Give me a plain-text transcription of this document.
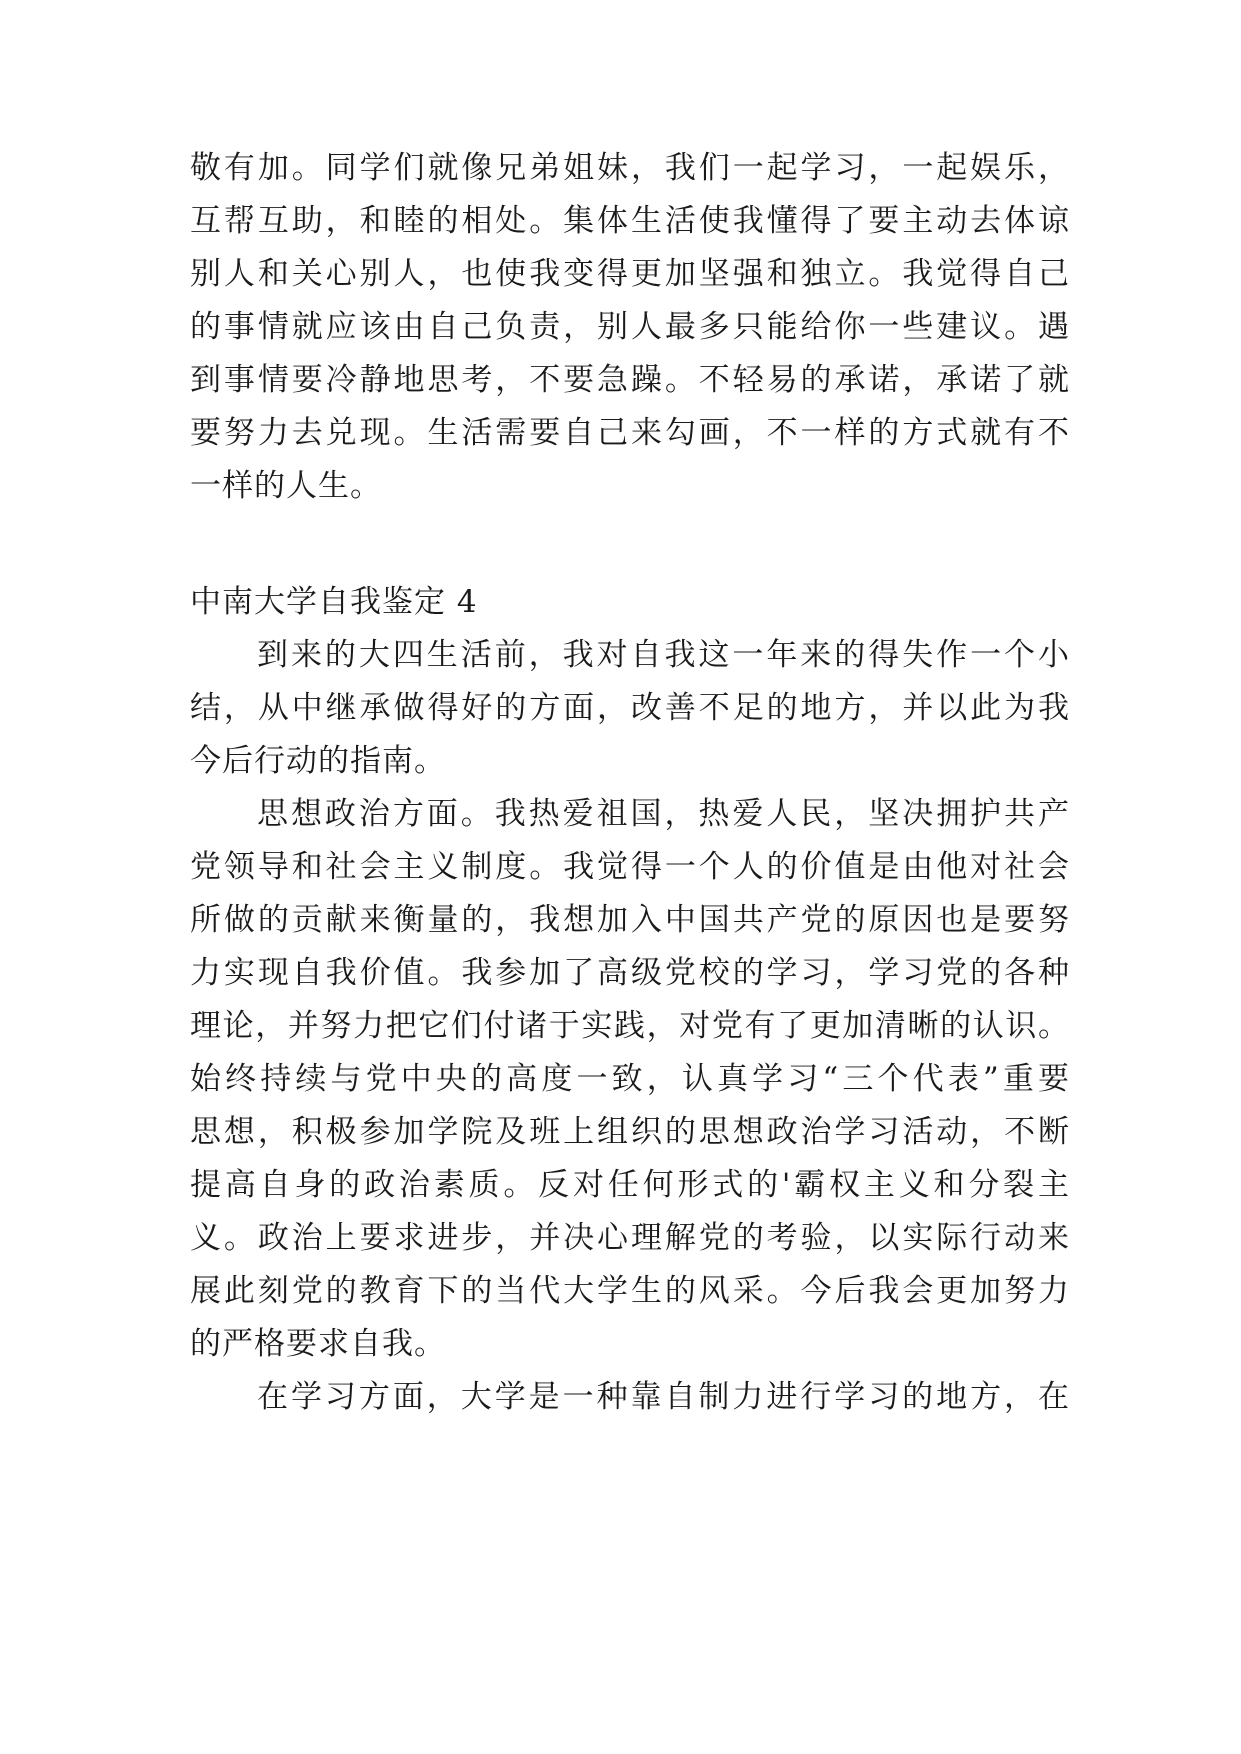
敬有加。同学们就像兄弟姐妹，我们一起学习，一起娱乐，
互帮互助，和睦的相处。集体生活使我懂得了要主动去体谅
别人和关心别人，也使我变得更加坚强和独立。我觉得自己
的事情就应该由自己负责，别人最多只能给你一些建议。遇
到事情要冷静地思考，不要急躁。不轻易的承诺，承诺了就
要努力去兑现。生活需要自己来勾画，不一样的方式就有不
一样的人生。
中南大学自我鉴定 4
到来的大四生活前，我对自我这一年来的得失作一个小
结，从中继承做得好的方面，改善不足的地方，并以此为我
今后行动的指南。
思想政治方面。我热爱祖国，热爱人民，坚决拥护共产
党领导和社会主义制度。我觉得一个人的价值是由他对社会
所做的贡献来衡量的，我想加入中国共产党的原因也是要努
力实现自我价值。我参加了高级党校的学习，学习党的各种
理论，并努力把它们付诸于实践，对党有了更加清晰的认识。
始终持续与党中央的高度一致，认真学习“三个代表”重要
思想，积极参加学院及班上组织的思想政治学习活动，不断
提高自身的政治素质。反对任何形式的'霸权主义和分裂主
义。政治上要求进步，并决心理解党的考验，以实际行动来
展此刻党的教育下的当代大学生的风采。今后我会更加努力
的严格要求自我。
在学习方面，大学是一种靠自制力进行学习的地方，在
